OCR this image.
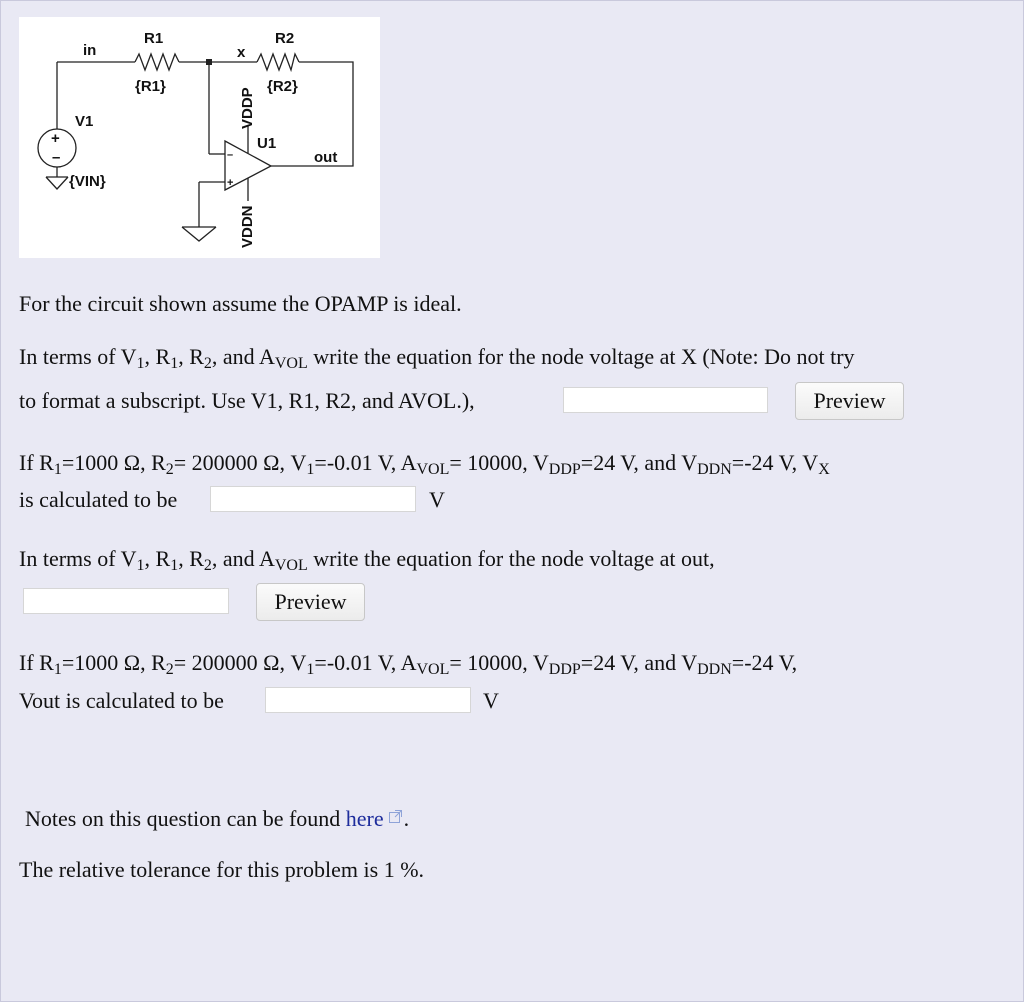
in
R1
{R1}
x
R2
{R2}
V1
+
–
{VIN}
U1
out
VDDP
VDDN
–
+
For the circuit shown assume the OPAMP is ideal.
In terms of $V_1$, $R_1$, $R_2$, and $A_{VOL}$ write the equation for the node voltage at X (Note: Do not try
to format a subscript. Use V1, R1, R2, and AVOL.),	Preview
If $R_1=1000$ Ω, $R_2= 200000$ Ω, $V_1=-0.01$ V, $A_{VOL}= 10000$, $V_{DDP}=24$ V, and $V_{DDN}=-24$ V, $V_X$
is calculated to be	V
In terms of $V_1$, $R_1$, $R_2$, and $A_{VOL}$ write the equation for the node voltage at out,
Preview
If $R_1=1000$ Ω, $R_2= 200000$ Ω, $V_1=-0.01$ V, $A_{VOL}= 10000$, $V_{DDP}=24$ V, and $V_{DDN}=-24$ V,
Vout is calculated to be	V
Notes on this question can be found here .
The relative tolerance for this problem is 1 %.
